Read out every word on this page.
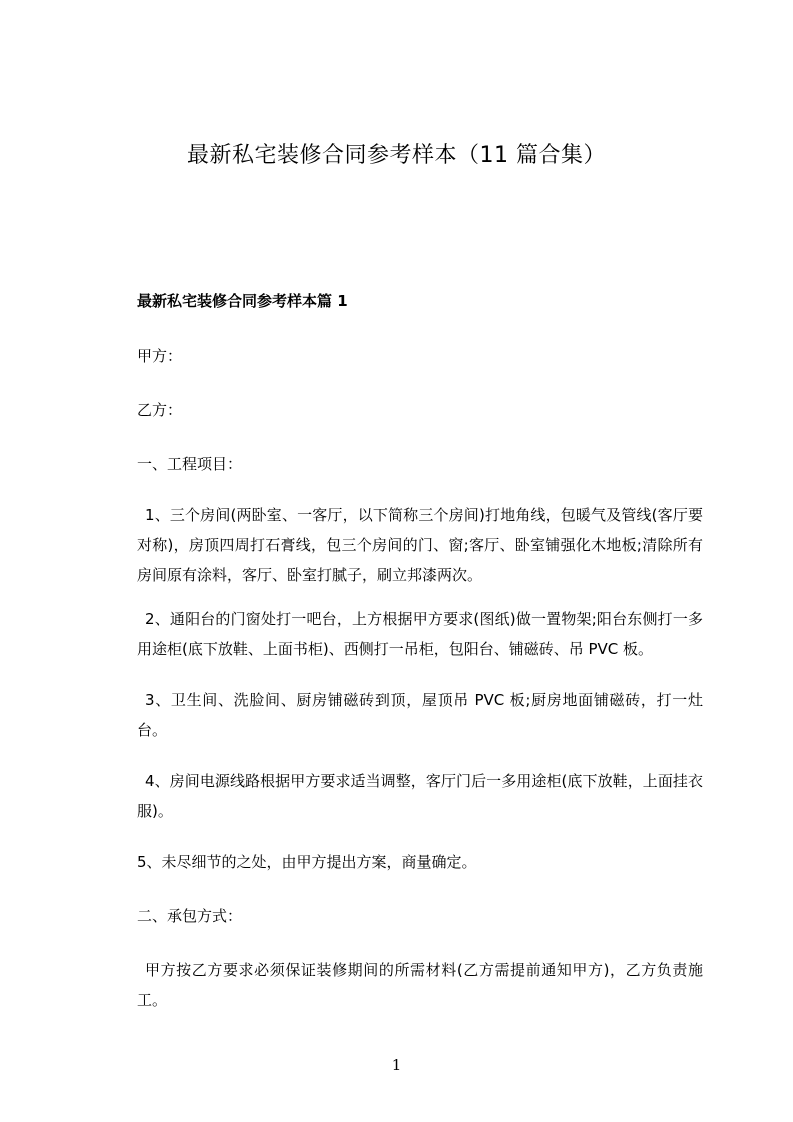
最新私宅装修合同参考样本（11 篇合集）
最新私宅装修合同参考样本篇 1
甲方：
乙方：
一、工程项目：
1、三个房间(两卧室、一客厅，以下简称三个房间)打地角线，包暖气及管线(客厅要对称)，房顶四周打石膏线，包三个房间的门、窗;客厅、卧室铺强化木地板;清除所有房间原有涂料，客厅、卧室打腻子，刷立邦漆两次。
2、通阳台的门窗处打一吧台，上方根据甲方要求(图纸)做一置物架;阳台东侧打一多用途柜(底下放鞋、上面书柜)、西侧打一吊柜，包阳台、铺磁砖、吊 PVC 板。
3、卫生间、洗脸间、厨房铺磁砖到顶，屋顶吊 PVC 板;厨房地面铺磁砖，打一灶台。
4、房间电源线路根据甲方要求适当调整，客厅门后一多用途柜(底下放鞋，上面挂衣服)。
5、未尽细节的之处，由甲方提出方案，商量确定。
二、承包方式：
甲方按乙方要求必须保证装修期间的所需材料(乙方需提前通知甲方)，乙方负责施工。
1
